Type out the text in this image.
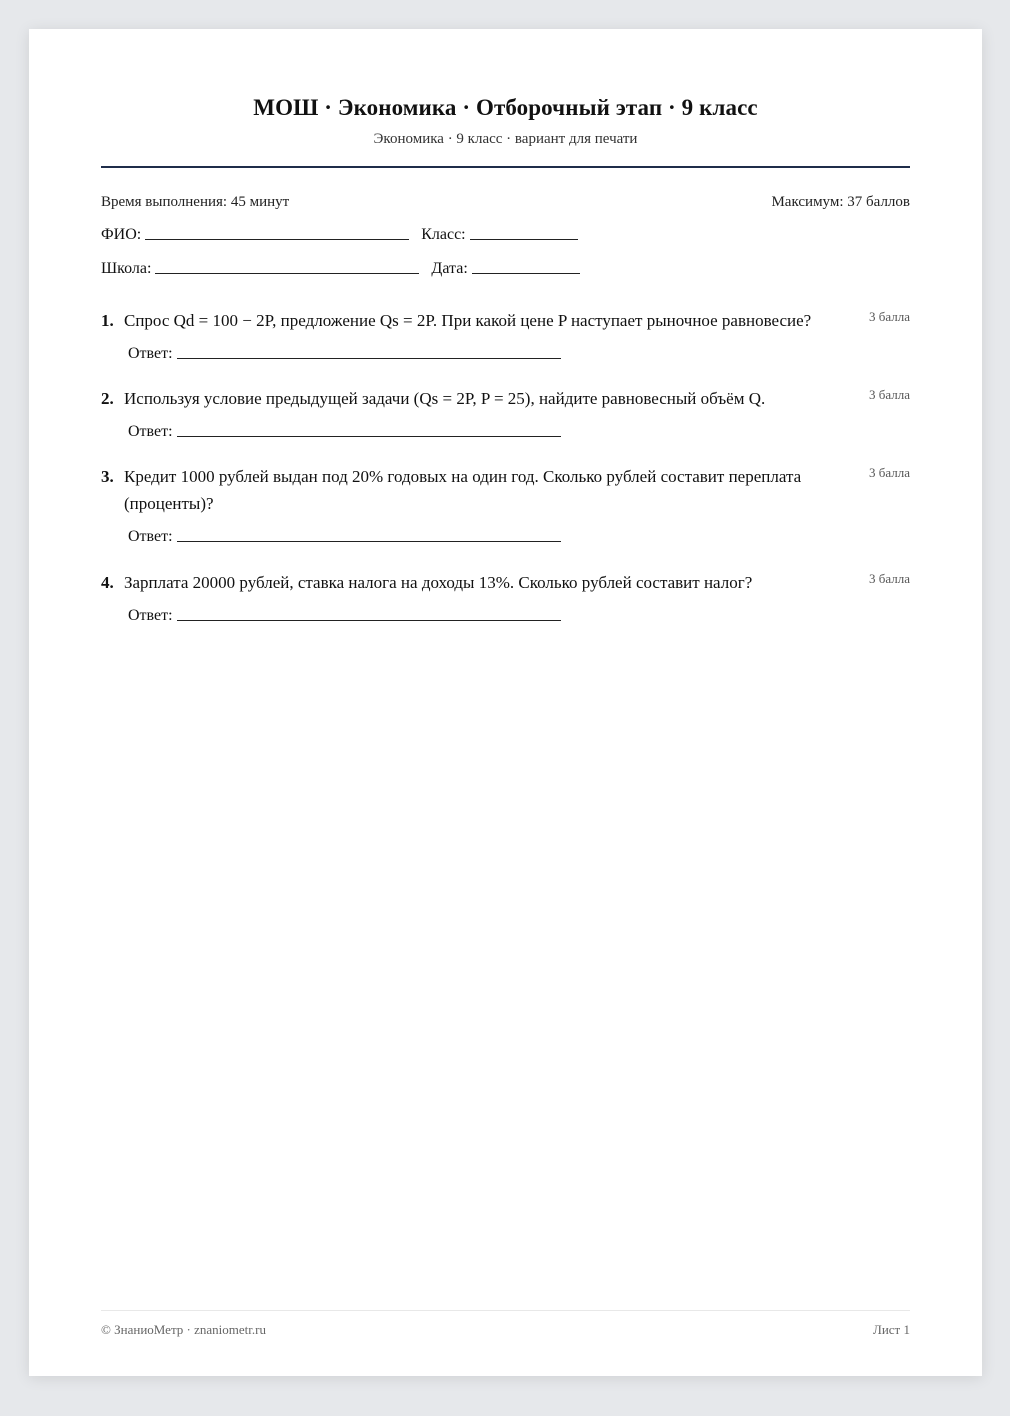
МОШ · Экономика · Отборочный этап · 9 класс
Экономика · 9 класс · вариант для печати
Время выполнения: 45 минут	Максимум: 37 баллов
ФИО:	Класс:
Школа:	Дата:
1. Спрос Qd = 100 − 2P, предложение Qs = 2P. При какой цене P наступает рыночное равновесие?	3 балла
Ответ:
2. Используя условие предыдущей задачи (Qs = 2P, P = 25), найдите равновесный объём Q.	3 балла
Ответ:
3. Кредит 1000 рублей выдан под 20% годовых на один год. Сколько рублей составит переплата (проценты)?
3 балла
Ответ:
4. Зарплата 20000 рублей, ставка налога на доходы 13%. Сколько рублей составит налог?	3 балла
Ответ:
© ЗнаниоМетр · znaniometr.ru	Лист 1
